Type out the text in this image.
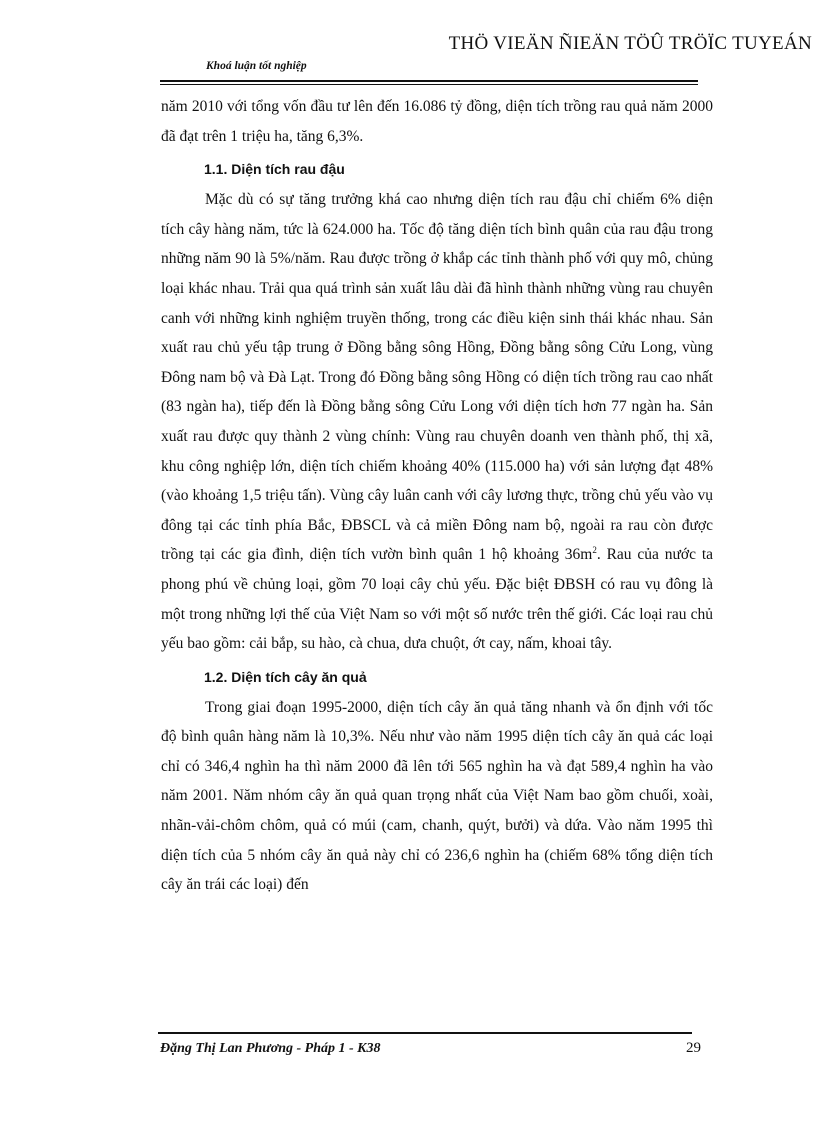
THÖ VIEÄN ÑIEÄN TÖÛ TRÖÏC TUYEÁN
Khoá luận tốt nghiệp

năm 2010 với tổng vốn đầu tư lên đến 16.086 tỷ đồng, diện tích trồng rau quả năm 2000 đã đạt trên 1 triệu ha, tăng 6,3%.

1.1. Diện tích rau đậu

Mặc dù có sự tăng trưởng khá cao nhưng diện tích rau đậu chỉ chiếm 6% diện tích cây hàng năm, tức là 624.000 ha. Tốc độ tăng diện tích bình quân của rau đậu trong những năm 90 là 5%/năm. Rau được trồng ở khắp các tỉnh thành phố với quy mô, chủng loại khác nhau. Trải qua quá trình sản xuất lâu dài đã hình thành những vùng rau chuyên canh với những kinh nghiệm truyền thống, trong các điều kiện sinh thái khác nhau. Sản xuất rau chủ yếu tập trung ở Đồng bằng sông Hồng, Đồng bằng sông Cửu Long, vùng Đông nam bộ và Đà Lạt. Trong đó Đồng bằng sông Hồng có diện tích trồng rau cao nhất (83 ngàn ha), tiếp đến là Đồng bằng sông Cửu Long với diện tích hơn 77 ngàn ha. Sản xuất rau được quy thành 2 vùng chính: Vùng rau chuyên doanh ven thành phố, thị xã, khu công nghiệp lớn, diện tích chiếm khoảng 40% (115.000 ha) với sản lượng đạt 48% (vào khoảng 1,5 triệu tấn). Vùng cây luân canh với cây lương thực, trồng chủ yếu vào vụ đông tại các tỉnh phía Bắc, ĐBSCL và cả miền Đông nam bộ, ngoài ra rau còn được trồng tại các gia đình, diện tích vườn bình quân 1 hộ khoảng $36m^2$. Rau của nước ta phong phú về chủng loại, gồm 70 loại cây chủ yếu. Đặc biệt ĐBSH có rau vụ đông là một trong những lợi thế của Việt Nam so với một số nước trên thế giới. Các loại rau chủ yếu bao gồm: cải bắp, su hào, cà chua, dưa chuột, ớt cay, nấm, khoai tây.

1.2. Diện tích cây ăn quả

Trong giai đoạn 1995-2000, diện tích cây ăn quả tăng nhanh và ổn định với tốc độ bình quân hàng năm là 10,3%. Nếu như vào năm 1995 diện tích cây ăn quả các loại chỉ có 346,4 nghìn ha thì năm 2000 đã lên tới 565 nghìn ha và đạt 589,4 nghìn ha vào năm 2001. Năm nhóm cây ăn quả quan trọng nhất của Việt Nam bao gồm chuối, xoài, nhãn-vải-chôm chôm, quả có múi (cam, chanh, quýt, bưởi) và dứa. Vào năm 1995 thì diện tích của 5 nhóm cây ăn quả này chỉ có 236,6 nghìn ha (chiếm 68% tổng diện tích cây ăn trái các loại) đến

Đặng Thị Lan Phương - Pháp 1 - K38	29
